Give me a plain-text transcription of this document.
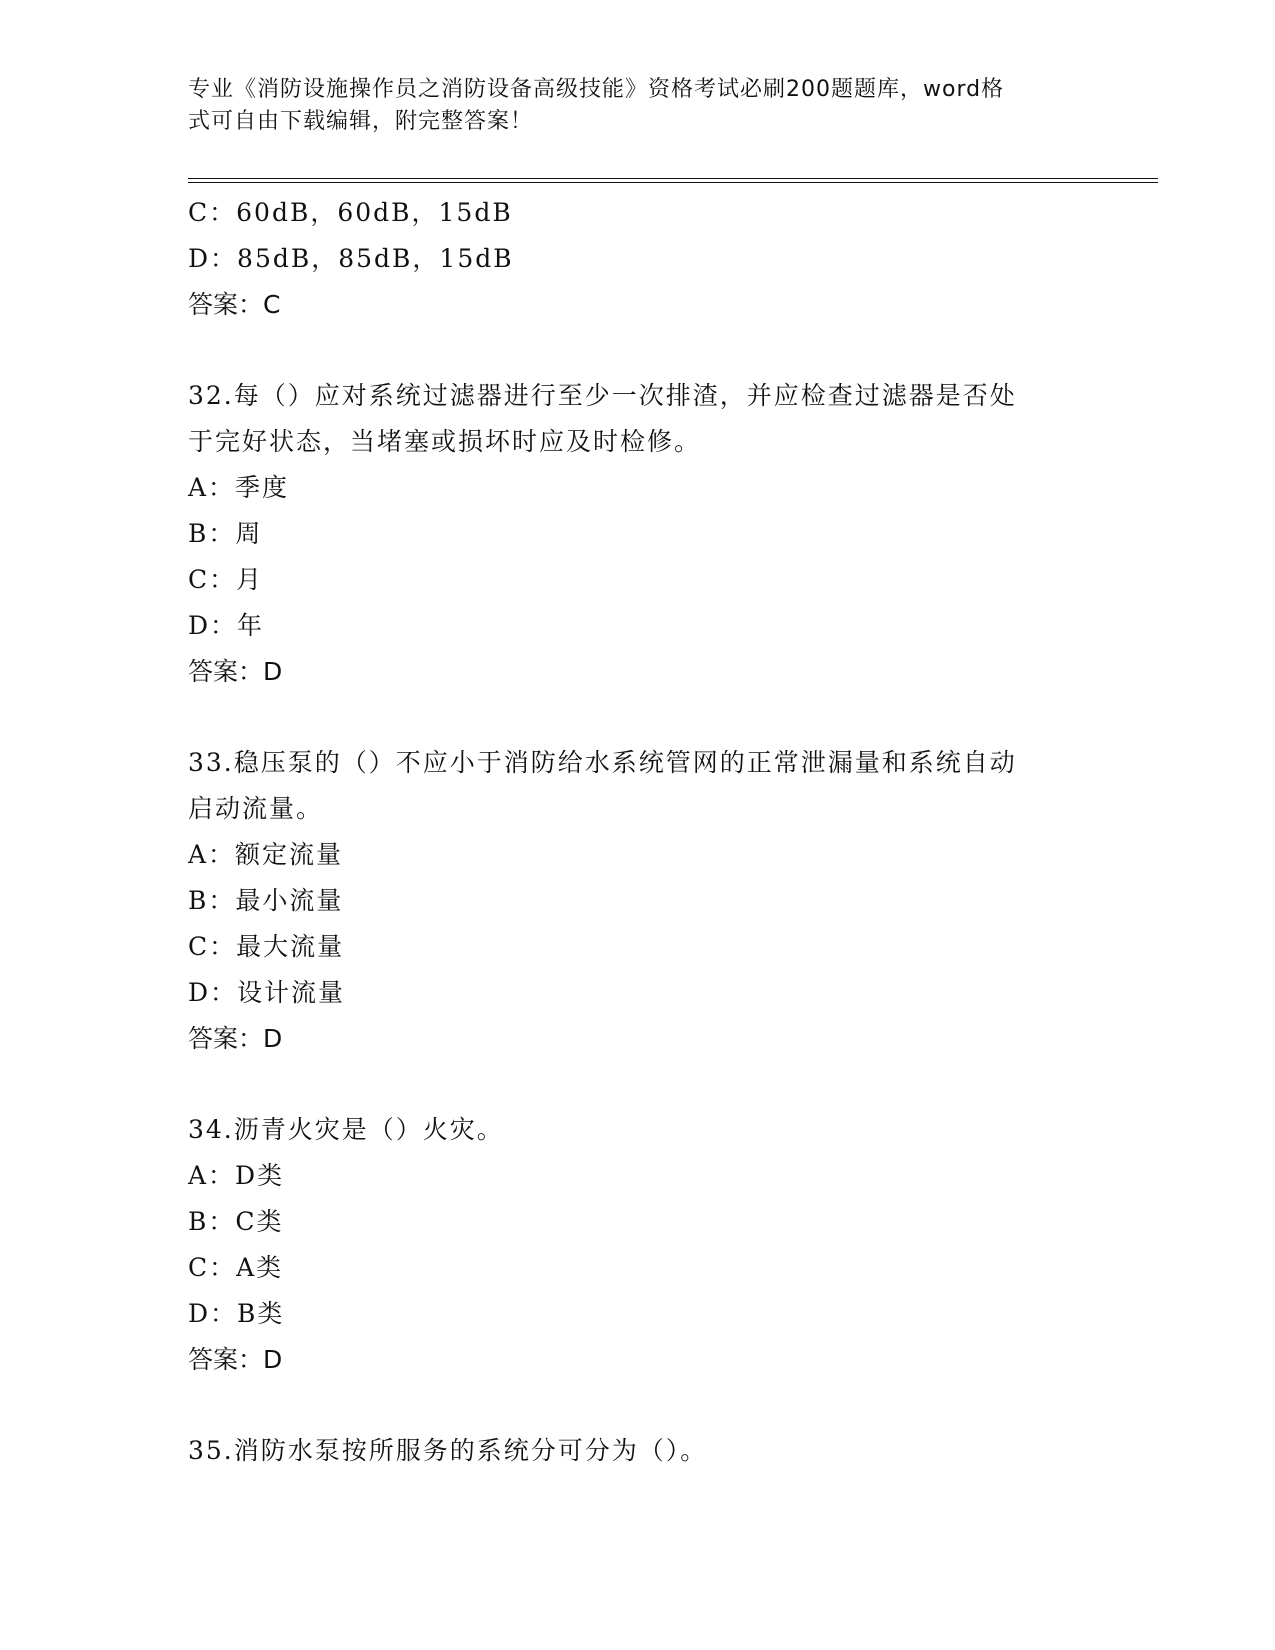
专业《消防设施操作员之消防设备高级技能》资格考试必刷200题题库，word格
式可自由下载编辑，附完整答案！
C：60dB，60dB，15dB
D：85dB，85dB，15dB
答案：C
32.每（）应对系统过滤器进行至少一次排渣，并应检查过滤器是否处
于完好状态，当堵塞或损坏时应及时检修。
A：季度
B：周
C：月
D：年
答案：D
33.稳压泵的（）不应小于消防给水系统管网的正常泄漏量和系统自动
启动流量。
A：额定流量
B：最小流量
C：最大流量
D：设计流量
答案：D
34.沥青火灾是（）火灾。
A：D类
B：C类
C：A类
D：B类
答案：D
35.消防水泵按所服务的系统分可分为（）。
